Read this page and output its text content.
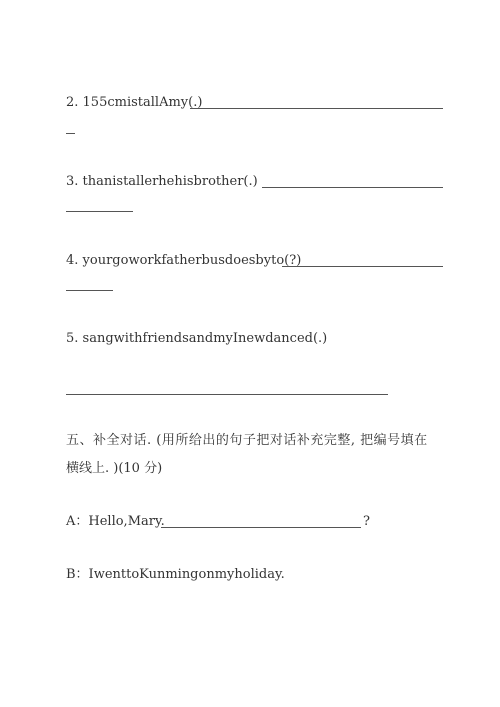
2. 155cmistallAmy(.)
3. thanistallerhehisbrother(.)
4. yourgoworkfatherbusdoesbyto(?)
5. sangwithfriendsandmyInewdanced(.)
五、补全对话. (用所给出的句子把对话补充完整, 把编号填在
横线上. )(10 分)
A：Hello,Mary.	?
B：IwenttoKunmingonmyholiday.
